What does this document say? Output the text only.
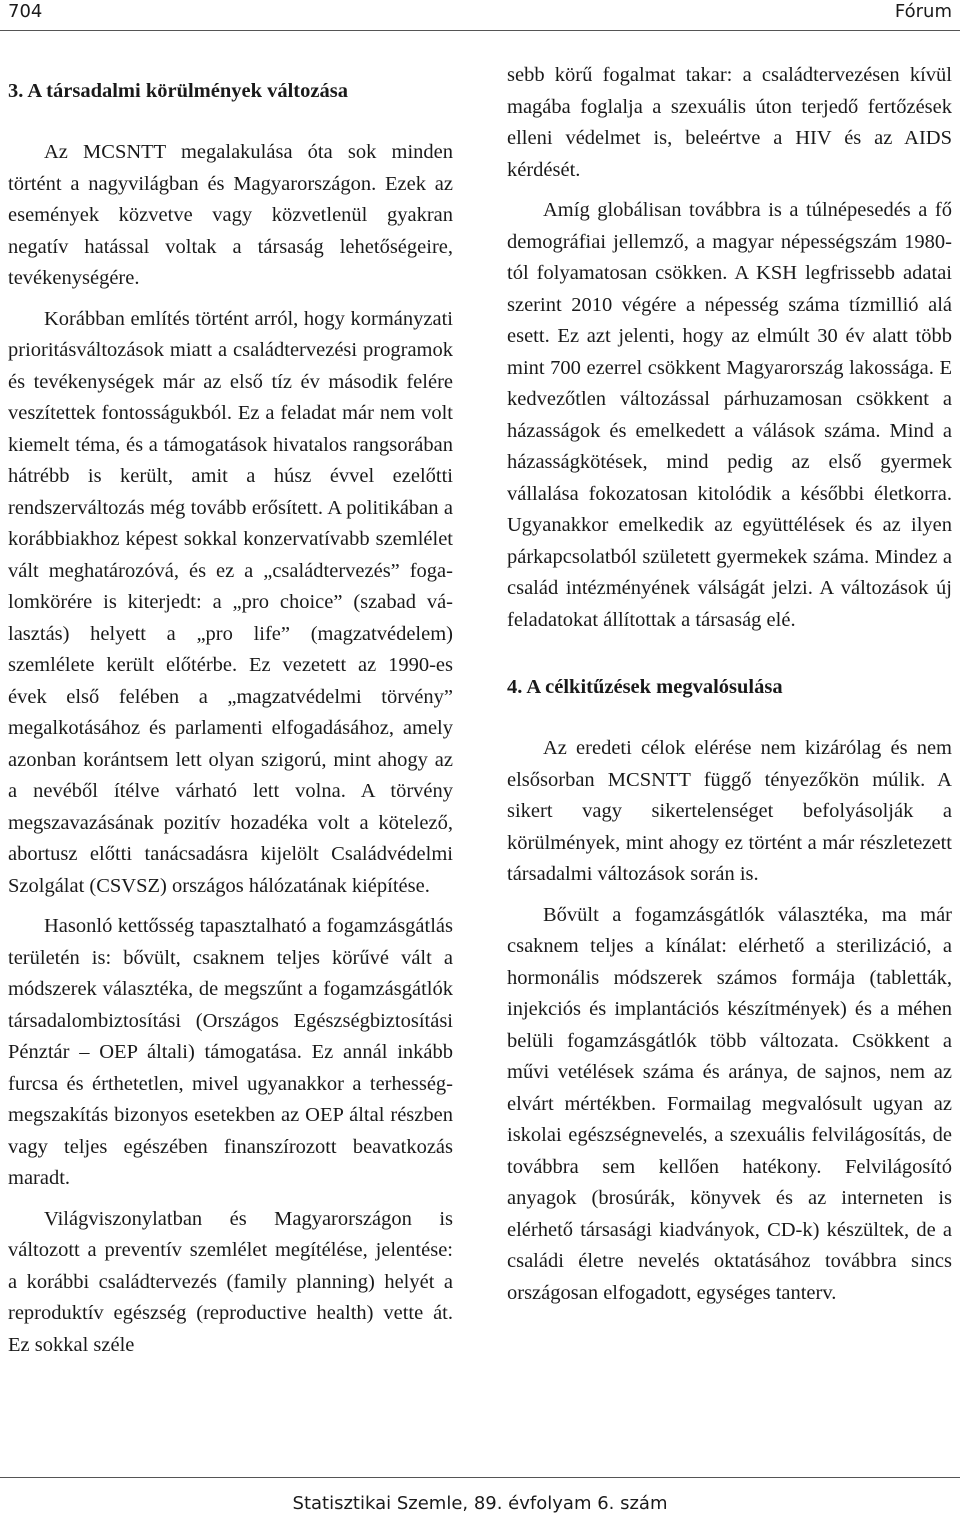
704	Fórum
3. A társadalmi körülmények változása

Az MCSNTT megalakulása óta sok minden történt a nagyvilágban és Magyarországon. Ezek az események közvetve vagy közvetlenül gyakran negatív hatással voltak a társaság lehetőségeire, tevékenységére.

Korábban említés történt arról, hogy kormányzati prioritásváltozások miatt a családtervezési programok és tevékenységek már az első tíz év második felére veszítettek fontosságukból. Ez a feladat már nem volt kiemelt téma, és a támogatások hivatalos rangsorában hátrébb is került, amit a húsz évvel ezelőtti rendszerváltozás még tovább erősített. A politikában a korábbiakhoz képest sokkal konzervatívabb szemlélet vált meghatározóvá, és ez a „családtervezés” fogalomkörére is kiterjedt: a „pro choice” (szabad választás) helyett a „pro life” (magzatvédelem) szemlélete került előtérbe. Ez vezetett az 1990-es évek első felében a „magzatvédelmi törvény” megalkotásához és parlamenti elfogadásához, amely azonban korántsem lett olyan szigorú, mint ahogy az a nevéből ítélve várható lett volna. A törvény megszavazásának pozitív hozadéka volt a kötelező, abortusz előtti tanácsadásra kijelölt Családvédelmi Szolgálat (CSVSZ) országos hálózatának kiépítése.

Hasonló kettősség tapasztalható a fogamzásgátlás területén is: bővült, csaknem teljes körűvé vált a módszerek választéka, de megszűnt a fogamzásgátlók társadalombiztosítási (Országos Egészségbiztosítási Pénztár – OEP általi) támogatása. Ez annál inkább furcsa és érthetetlen, mivel ugyanakkor a terhességmegszakítás bizonyos esetekben az OEP által részben vagy teljes egészében finanszírozott beavatkozás maradt.

Világviszonylatban és Magyarországon is változott a preventív szemlélet megítélése, jelentése: a korábbi családtervezés (family planning) helyét a reproduktív egészség (reproductive health) vette át. Ez sokkal széle

sebb körű fogalmat takar: a családtervezésen kívül magába foglalja a szexuális úton terjedő fertőzések elleni védelmet is, beleértve a HIV és az AIDS kérdését.

Amíg globálisan továbbra is a túlnépesedés a fő demográfiai jellemző, a magyar népességszám 1980-tól folyamatosan csökken. A KSH legfrissebb adatai szerint 2010 végére a népesség száma tízmillió alá esett. Ez azt jelenti, hogy az elmúlt 30 év alatt több mint 700 ezerrel csökkent Magyarország lakossága. E kedvezőtlen változással párhuzamosan csökkent a házasságok és emelkedett a válások száma. Mind a házasságkötések, mind pedig az első gyermek vállalása fokozatosan kitolódik a későbbi életkorra. Ugyanakkor emelkedik az együttélések és az ilyen párkapcsolatból született gyermekek száma. Mindez a család intézményének válságát jelzi. A változások új feladatokat állítottak a társaság elé.

4. A célkitűzések megvalósulása

Az eredeti célok elérése nem kizárólag és nem elsősorban MCSNTT függő tényezőkön múlik. A sikert vagy sikertelenséget befolyásolják a körülmények, mint ahogy ez történt a már részletezett társadalmi változások során is.

Bővült a fogamzásgátlók választéka, ma már csaknem teljes a kínálat: elérhető a sterilizáció, a hormonális módszerek számos formája (tabletták, injekciós és implantációs készítmények) és a méhen belüli fogamzásgátlók több változata. Csökkent a művi vetélések száma és aránya, de sajnos, nem az elvárt mértékben. Formailag megvalósult ugyan az iskolai egészségnevelés, a szexuális felvilágosítás, de továbbra sem kellően hatékony. Felvilágosító anyagok (brosúrák, könyvek és az interneten is elérhető társasági kiadványok, CD-k) készültek, de a családi életre nevelés oktatásához továbbra sincs országosan elfogadott, egységes tanterv.

Statisztikai Szemle, 89. évfolyam 6. szám
